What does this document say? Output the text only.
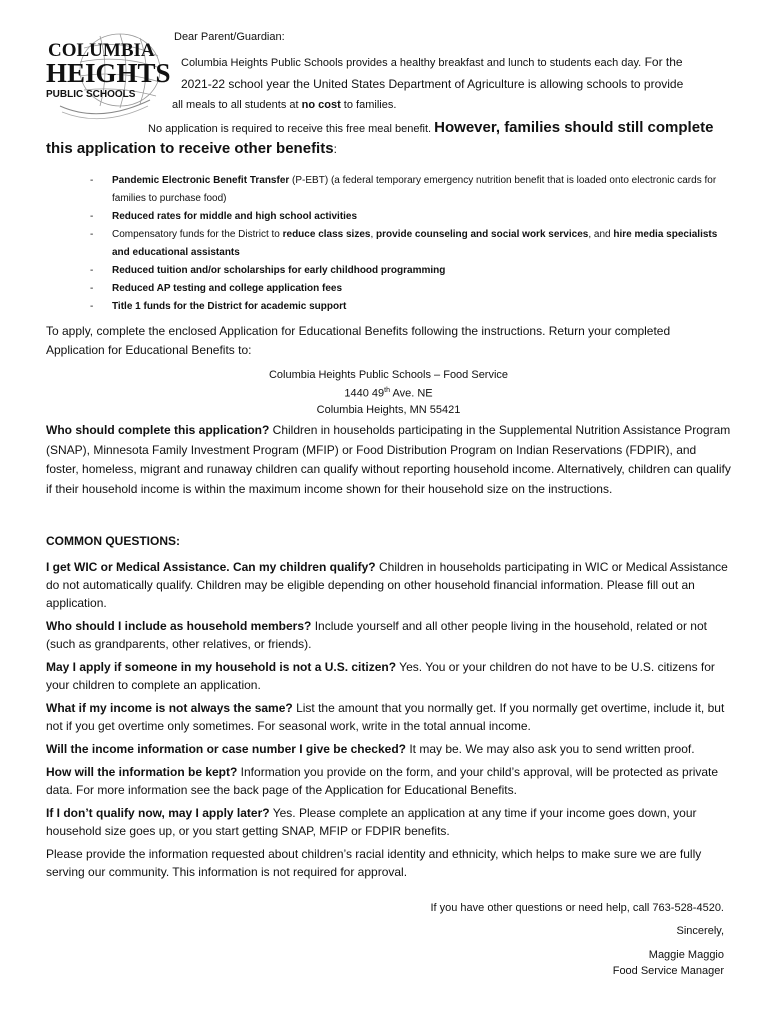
COLUMBIA
HEIGHTS
PUBLIC SCHOOLS
Dear Parent/Guardian:
Columbia Heights Public Schools provides a healthy breakfast and lunch to students each day. For the
2021-22 school year the United States Department of Agriculture is allowing schools to provide
all meals to all students at no cost to families.
No application is required to receive this free meal benefit. However, families should still complete this application to receive other benefits:
- Pandemic Electronic Benefit Transfer (P-EBT) (a federal temporary emergency nutrition benefit that is loaded onto electronic cards for families to purchase food)
- Reduced rates for middle and high school activities
- Compensatory funds for the District to reduce class sizes, provide counseling and social work services, and hire media specialists and educational assistants
- Reduced tuition and/or scholarships for early childhood programming
- Reduced AP testing and college application fees
- Title 1 funds for the District for academic support
To apply, complete the enclosed Application for Educational Benefits following the instructions. Return your completed Application for Educational Benefits to:
Columbia Heights Public Schools – Food Service
1440 49th Ave. NE
Columbia Heights, MN 55421
Who should complete this application? Children in households participating in the Supplemental Nutrition Assistance Program (SNAP), Minnesota Family Investment Program (MFIP) or Food Distribution Program on Indian Reservations (FDPIR), and foster, homeless, migrant and runaway children can qualify without reporting household income. Alternatively, children can qualify if their household income is within the maximum income shown for their household size on the instructions.
COMMON QUESTIONS:

I get WIC or Medical Assistance. Can my children qualify? Children in households participating in WIC or Medical Assistance do not automatically qualify. Children may be eligible depending on other household financial information. Please fill out an application.

Who should I include as household members? Include yourself and all other people living in the household, related or not (such as grandparents, other relatives, or friends).

May I apply if someone in my household is not a U.S. citizen? Yes. You or your children do not have to be U.S. citizens for your children to complete an application.

What if my income is not always the same? List the amount that you normally get. If you normally get overtime, include it, but not if you get overtime only sometimes. For seasonal work, write in the total annual income.

Will the income information or case number I give be checked? It may be. We may also ask you to send written proof.

How will the information be kept? Information you provide on the form, and your child’s approval, will be protected as private data. For more information see the back page of the Application for Educational Benefits.

If I don’t qualify now, may I apply later? Yes. Please complete an application at any time if your income goes down, your household size goes up, or you start getting SNAP, MFIP or FDPIR benefits.

Please provide the information requested about children’s racial identity and ethnicity, which helps to make sure we are fully serving our community. This information is not required for approval.

If you have other questions or need help, call 763-528-4520.
Sincerely,
Maggie Maggio
Food Service Manager
